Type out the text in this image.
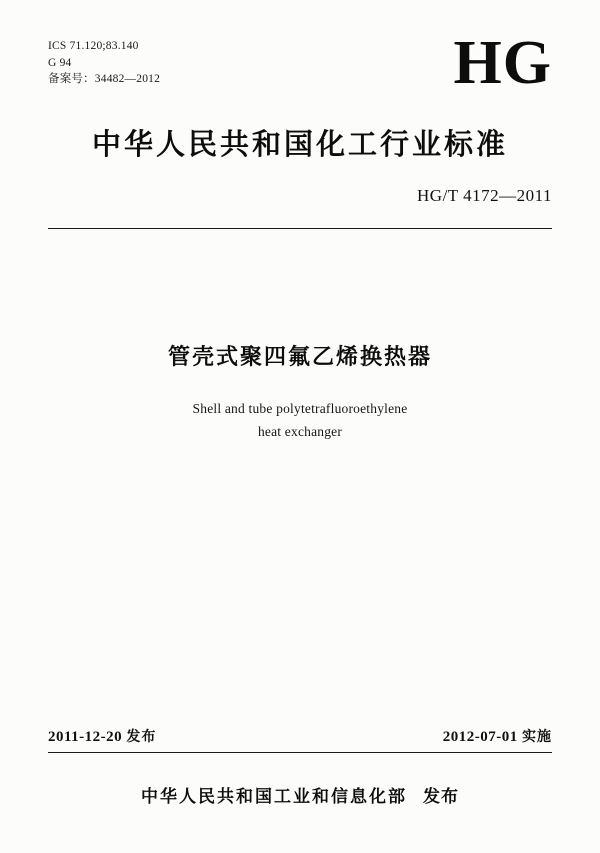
ICS 71.120;83.140
G 94
备案号：34482—2012	HG
中华人民共和国化工行业标准
HG/T 4172—2011
管壳式聚四氟乙烯换热器
Shell and tube polytetrafluoroethylene
heat exchanger
2011-12-20 发布	2012-07-01 实施
中华人民共和国工业和信息化部 发布
